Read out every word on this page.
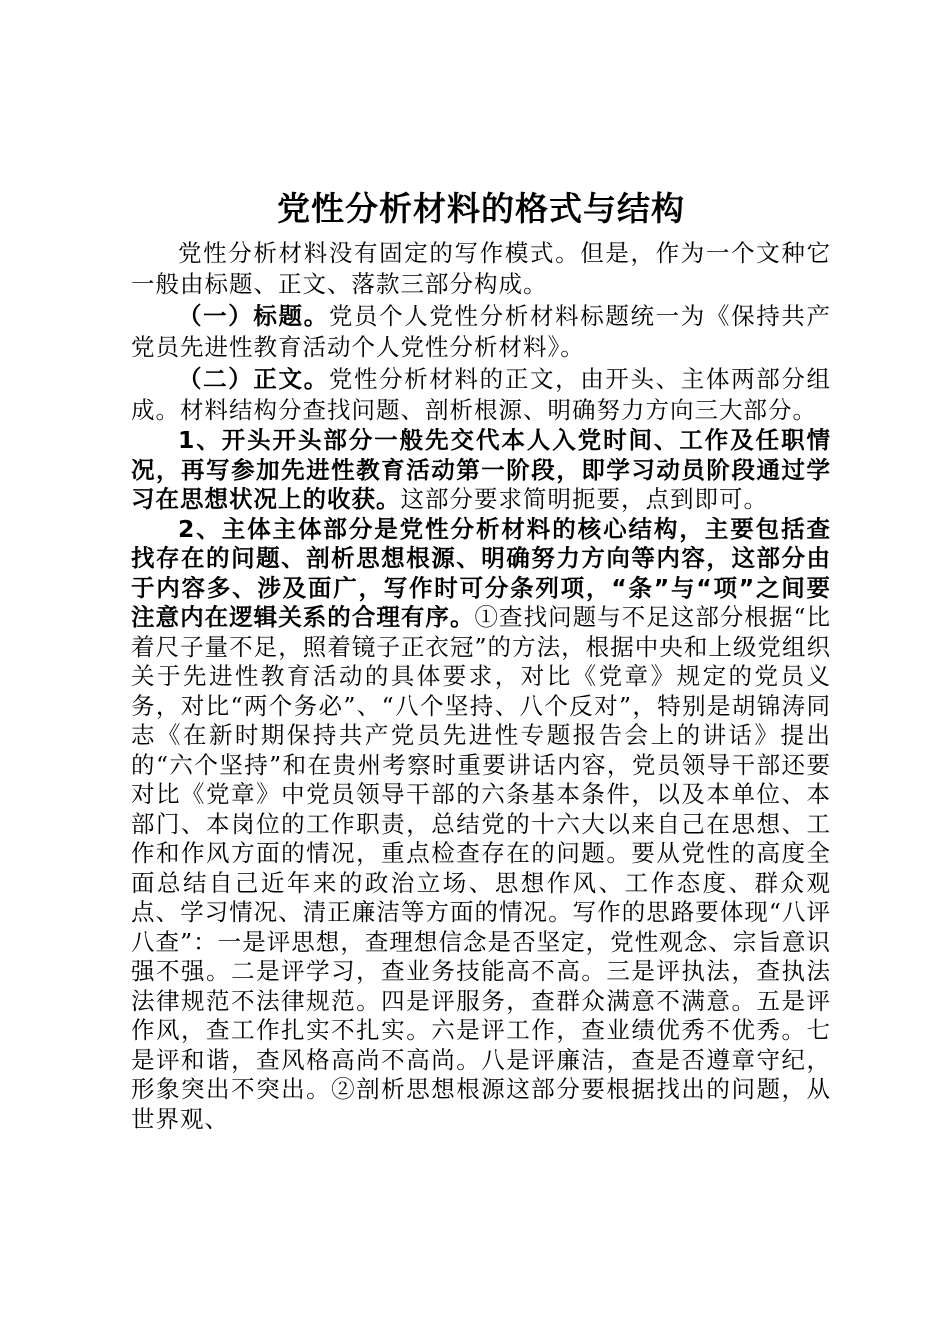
党性分析材料的格式与结构

党性分析材料没有固定的写作模式。但是，作为一个文种它一般由标题、正文、落款三部分构成。

（一）标题。党员个人党性分析材料标题统一为《保持共产党员先进性教育活动个人党性分析材料》。

（二）正文。党性分析材料的正文，由开头、主体两部分组成。材料结构分查找问题、剖析根源、明确努力方向三大部分。

1、开头开头部分一般先交代本人入党时间、工作及任职情况，再写参加先进性教育活动第一阶段，即学习动员阶段通过学习在思想状况上的收获。这部分要求简明扼要，点到即可。

2、主体主体部分是党性分析材料的核心结构，主要包括查找存在的问题、剖析思想根源、明确努力方向等内容，这部分由于内容多、涉及面广，写作时可分条列项，“条”与“项”之间要注意内在逻辑关系的合理有序。①查找问题与不足这部分根据“比着尺子量不足，照着镜子正衣冠”的方法，根据中央和上级党组织关于先进性教育活动的具体要求，对比《党章》规定的党员义务，对比“两个务必”、“八个坚持、八个反对”，特别是胡锦涛同志《在新时期保持共产党员先进性专题报告会上的讲话》提出的“六个坚持”和在贵州考察时重要讲话内容，党员领导干部还要对比《党章》中党员领导干部的六条基本条件，以及本单位、本部门、本岗位的工作职责，总结党的十六大以来自己在思想、工作和作风方面的情况，重点检查存在的问题。要从党性的高度全面总结自己近年来的政治立场、思想作风、工作态度、群众观点、学习情况、清正廉洁等方面的情况。写作的思路要体现“八评八查”：一是评思想，查理想信念是否坚定，党性观念、宗旨意识强不强。二是评学习，查业务技能高不高。三是评执法，查执法法律规范不法律规范。四是评服务，查群众满意不满意。五是评作风，查工作扎实不扎实。六是评工作，查业绩优秀不优秀。七是评和谐，查风格高尚不高尚。八是评廉洁，查是否遵章守纪，形象突出不突出。②剖析思想根源这部分要根据找出的问题，从世界观、
